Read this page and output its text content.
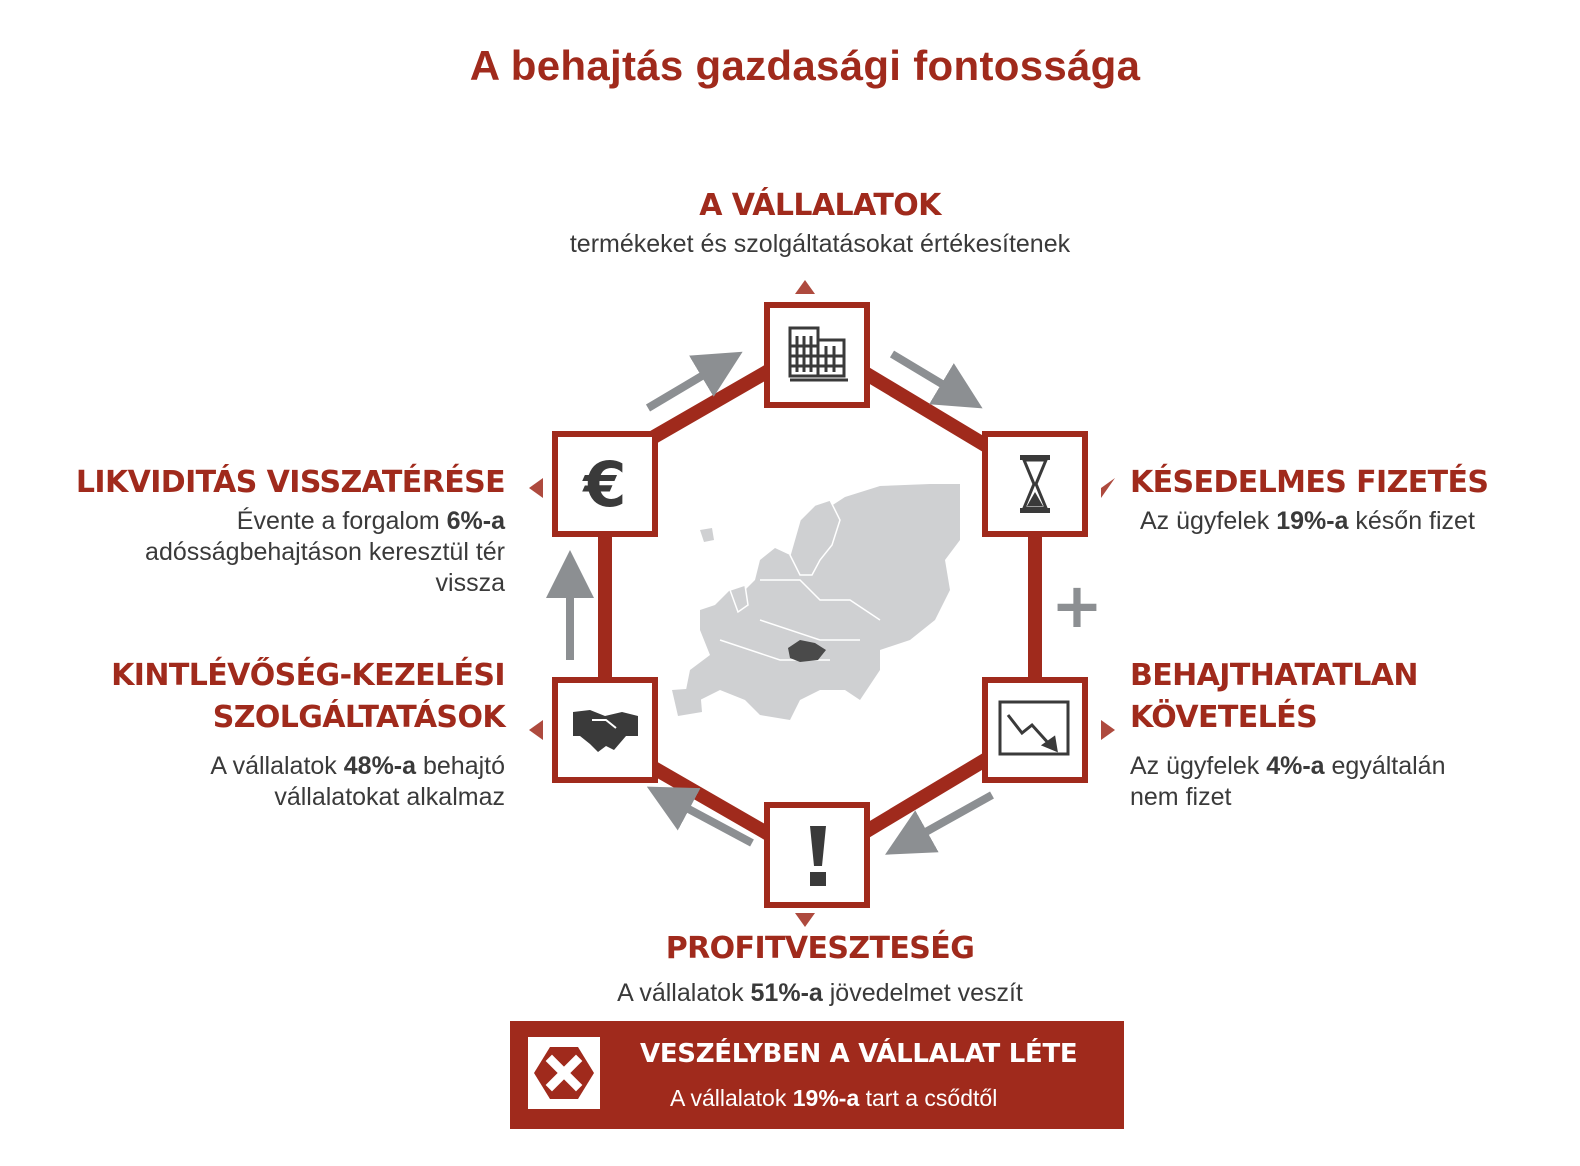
A behajtás gazdasági fontossága
+
€
A VÁLLALATOK
termékeket és szolgáltatásokat értékesítenek
KÉSEDELMES FIZETÉS
Az ügyfelek 19%-a későn fizet
BEHAJTHATATLAN
KÖVETELÉS
Az ügyfelek 4%-a egyáltalán
nem fizet
PROFITVESZTESÉG
A vállalatok 51%-a jövedelmet veszít
KINTLÉVŐSÉG-KEZELÉSI
SZOLGÁLTATÁSOK
A vállalatok 48%-a behajtó
vállalatokat alkalmaz
LIKVIDITÁS VISSZATÉRÉSE
Évente a forgalom 6%-a
adósságbehajtáson keresztül tér
vissza
VESZÉLYBEN A VÁLLALAT LÉTE
A vállalatok 19%-a tart a csődtől
